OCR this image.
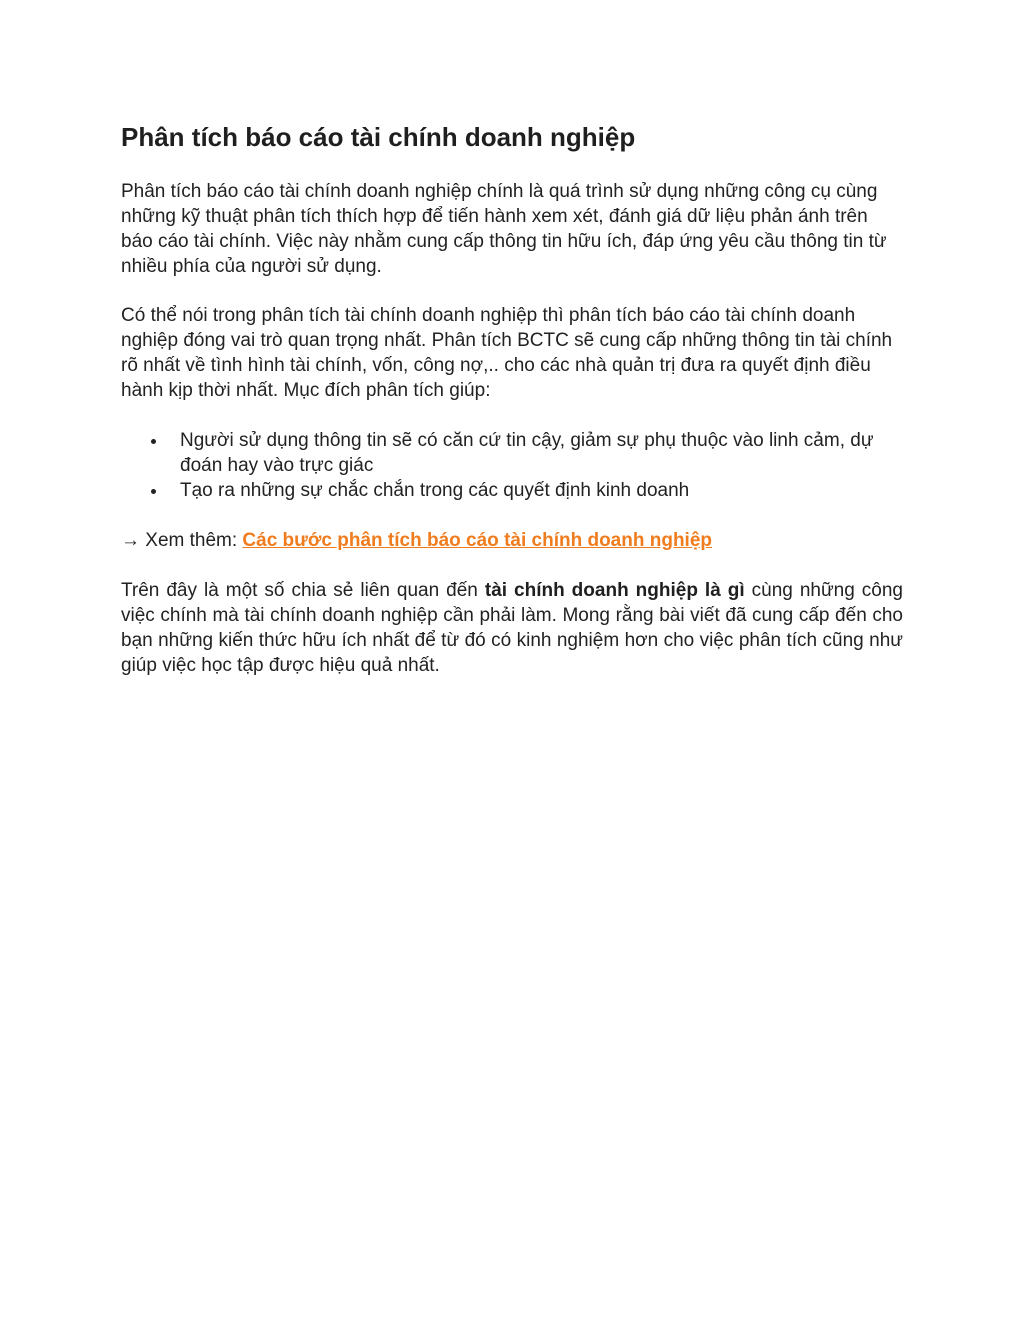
Phân tích báo cáo tài chính doanh nghiệp

Phân tích báo cáo tài chính doanh nghiệp chính là quá trình sử dụng những công cụ cùng những kỹ thuật phân tích thích hợp để tiến hành xem xét, đánh giá dữ liệu phản ánh trên báo cáo tài chính. Việc này nhằm cung cấp thông tin hữu ích, đáp ứng yêu cầu thông tin từ nhiều phía của người sử dụng.

Có thể nói trong phân tích tài chính doanh nghiệp thì phân tích báo cáo tài chính doanh nghiệp đóng vai trò quan trọng nhất. Phân tích BCTC sẽ cung cấp những thông tin tài chính rõ nhất về tình hình tài chính, vốn, công nợ,.. cho các nhà quản trị đưa ra quyết định điều hành kịp thời nhất. Mục đích phân tích giúp:

Người sử dụng thông tin sẽ có căn cứ tin cậy, giảm sự phụ thuộc vào linh cảm, dự đoán hay vào trực giác
Tạo ra những sự chắc chắn trong các quyết định kinh doanh

→ Xem thêm: Các bước phân tích báo cáo tài chính doanh nghiệp

Trên đây là một số chia sẻ liên quan đến tài chính doanh nghiệp là gì cùng những công việc chính mà tài chính doanh nghiệp cần phải làm. Mong rằng bài viết đã cung cấp đến cho bạn những kiến thức hữu ích nhất để từ đó có kinh nghiệm hơn cho việc phân tích cũng như giúp việc học tập được hiệu quả nhất.
